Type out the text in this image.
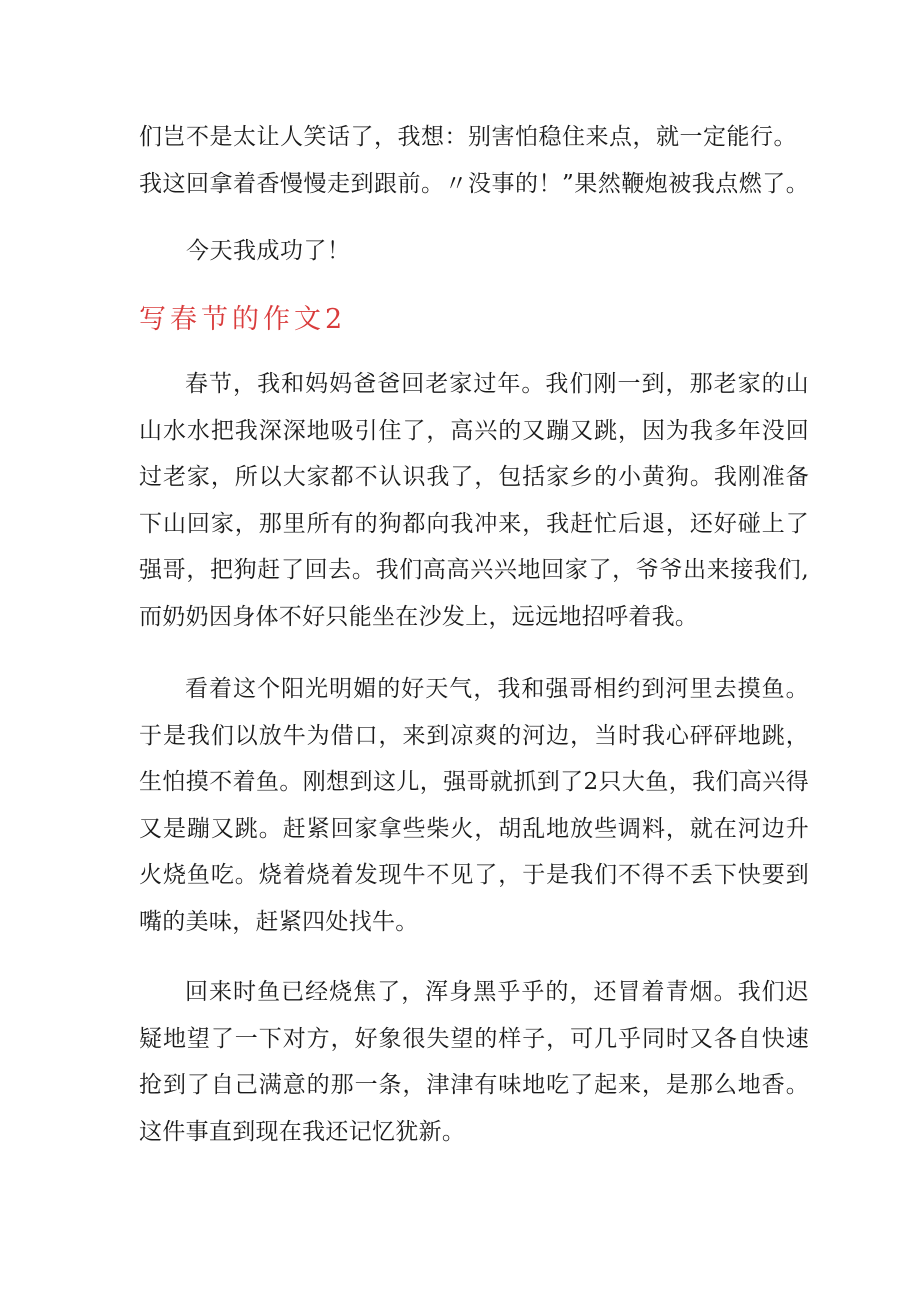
们岂不是太让人笑话了，我想：别害怕稳住来点，就一定能行。
我这回拿着香慢慢走到跟前。〃没事的！”果然鞭炮被我点燃了。
今天我成功了！
写春节的作文2
春节，我和妈妈爸爸回老家过年。我们刚一到，那老家的山山水水把我深深地吸引住了，高兴的又蹦又跳，因为我多年没回过老家，所以大家都不认识我了，包括家乡的小黄狗。我刚准备下山回家，那里所有的狗都向我冲来，我赶忙后退，还好碰上了强哥，把狗赶了回去。我们高高兴兴地回家了，爷爷出来接我们,而奶奶因身体不好只能坐在沙发上，远远地招呼着我。
看着这个阳光明媚的好天气，我和强哥相约到河里去摸鱼。于是我们以放牛为借口，来到凉爽的河边，当时我心砰砰地跳，生怕摸不着鱼。刚想到这儿，强哥就抓到了2只大鱼，我们高兴得又是蹦又跳。赶紧回家拿些柴火，胡乱地放些调料，就在河边升火烧鱼吃。烧着烧着发现牛不见了，于是我们不得不丢下快要到嘴的美味，赶紧四处找牛。
回来时鱼已经烧焦了，浑身黑乎乎的，还冒着青烟。我们迟疑地望了一下对方，好象很失望的样子，可几乎同时又各自快速抢到了自己满意的那一条，津津有味地吃了起来，是那么地香。这件事直到现在我还记忆犹新。
